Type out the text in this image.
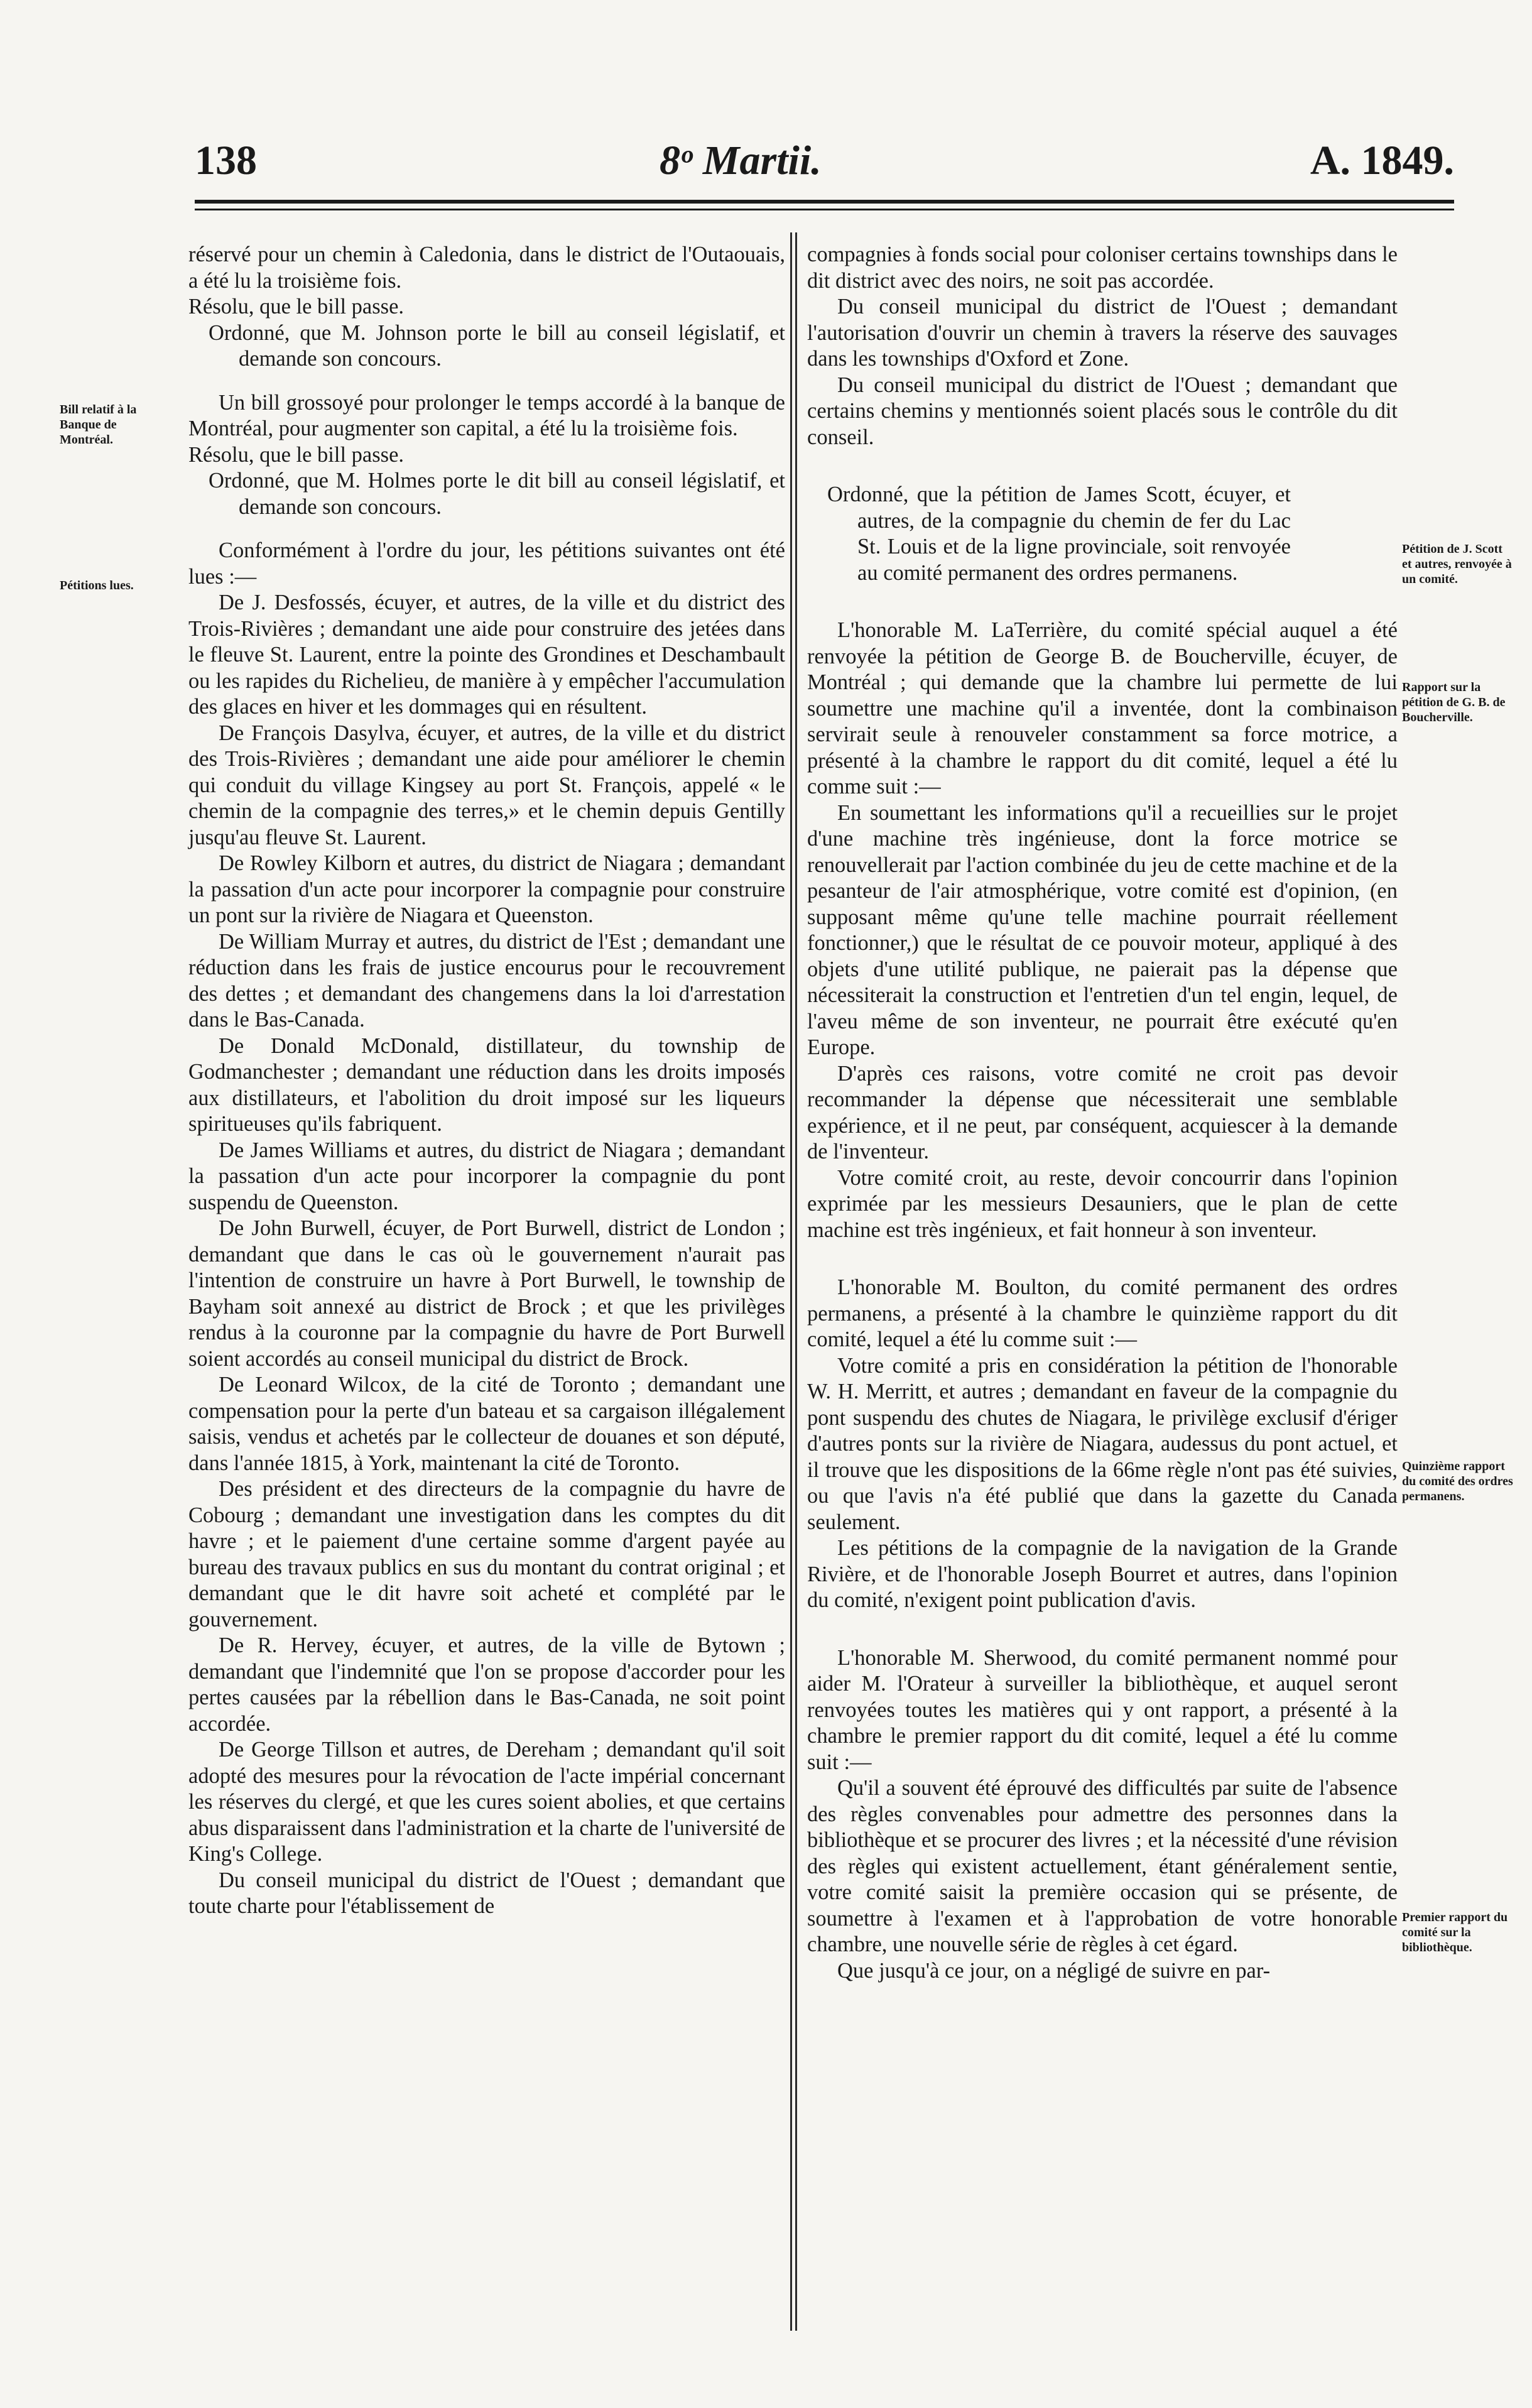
138	8ᵒ Martii.	A. 1849.

réservé pour un chemin à Caledonia, dans le district de l'Outaouais, a été lu la troisième fois.

Résolu, que le bill passe.

Ordonné, que M. Johnson porte le bill au conseil législatif, et demande son concours.

Un bill grossoyé pour prolonger le temps accordé à la banque de Montréal, pour augmenter son capital, a été lu la troisième fois.

Résolu, que le bill passe.

Ordonné, que M. Holmes porte le dit bill au conseil législatif, et demande son concours.

Conformément à l'ordre du jour, les pétitions suivantes ont été lues :—

De J. Desfossés, écuyer, et autres, de la ville et du district des Trois-Rivières ; demandant une aide pour construire des jetées dans le fleuve St. Laurent, entre la pointe des Grondines et Deschambault ou les rapides du Richelieu, de manière à y empêcher l'accumulation des glaces en hiver et les dommages qui en résultent.

De François Dasylva, écuyer, et autres, de la ville et du district des Trois-Rivières ; demandant une aide pour améliorer le chemin qui conduit du village Kingsey au port St. François, appelé « le chemin de la compagnie des terres,» et le chemin depuis Gentilly jusqu'au fleuve St. Laurent.

De Rowley Kilborn et autres, du district de Niagara ; demandant la passation d'un acte pour incorporer la compagnie pour construire un pont sur la rivière de Niagara et Queenston.

De William Murray et autres, du district de l'Est ; demandant une réduction dans les frais de justice encourus pour le recouvrement des dettes ; et demandant des changemens dans la loi d'arrestation dans le Bas-Canada.

De Donald McDonald, distillateur, du township de Godmanchester ; demandant une réduction dans les droits imposés aux distillateurs, et l'abolition du droit imposé sur les liqueurs spiritueuses qu'ils fabriquent.

De James Williams et autres, du district de Niagara ; demandant la passation d'un acte pour incorporer la compagnie du pont suspendu de Queenston.

De John Burwell, écuyer, de Port Burwell, district de London ; demandant que dans le cas où le gouvernement n'aurait pas l'intention de construire un havre à Port Burwell, le township de Bayham soit annexé au district de Brock ; et que les privilèges rendus à la couronne par la compagnie du havre de Port Burwell soient accordés au conseil municipal du district de Brock.

De Leonard Wilcox, de la cité de Toronto ; demandant une compensation pour la perte d'un bateau et sa cargaison illégalement saisis, vendus et achetés par le collecteur de douanes et son député, dans l'année 1815, à York, maintenant la cité de Toronto.

Des président et des directeurs de la compagnie du havre de Cobourg ; demandant une investigation dans les comptes du dit havre ; et le paiement d'une certaine somme d'argent payée au bureau des travaux publics en sus du montant du contrat original ; et demandant que le dit havre soit acheté et complété par le gouvernement.

De R. Hervey, écuyer, et autres, de la ville de Bytown ; demandant que l'indemnité que l'on se propose d'accorder pour les pertes causées par la rébellion dans le Bas-Canada, ne soit point accordée.

De George Tillson et autres, de Dereham ; demandant qu'il soit adopté des mesures pour la révocation de l'acte impérial concernant les réserves du clergé, et que les cures soient abolies, et que certains abus disparaissent dans l'administration et la charte de l'université de King's College.

Du conseil municipal du district de l'Ouest ; demandant que toute charte pour l'établissement de

compagnies à fonds social pour coloniser certains townships dans le dit district avec des noirs, ne soit pas accordée.

Du conseil municipal du district de l'Ouest ; demandant l'autorisation d'ouvrir un chemin à travers la réserve des sauvages dans les townships d'Oxford et Zone.

Du conseil municipal du district de l'Ouest ; demandant que certains chemins y mentionnés soient placés sous le contrôle du dit conseil.

Ordonné, que la pétition de James Scott, écuyer, et autres, de la compagnie du chemin de fer du Lac St. Louis et de la ligne provinciale, soit renvoyée au comité permanent des ordres permanens.

L'honorable M. LaTerrière, du comité spécial auquel a été renvoyée la pétition de George B. de Boucherville, écuyer, de Montréal ; qui demande que la chambre lui permette de lui soumettre une machine qu'il a inventée, dont la combinaison servirait seule à renouveler constamment sa force motrice, a présenté à la chambre le rapport du dit comité, lequel a été lu comme suit :—

En soumettant les informations qu'il a recueillies sur le projet d'une machine très ingénieuse, dont la force motrice se renouvellerait par l'action combinée du jeu de cette machine et de la pesanteur de l'air atmosphérique, votre comité est d'opinion, (en supposant même qu'une telle machine pourrait réellement fonctionner,) que le résultat de ce pouvoir moteur, appliqué à des objets d'une utilité publique, ne paierait pas la dépense que nécessiterait la construction et l'entretien d'un tel engin, lequel, de l'aveu même de son inventeur, ne pourrait être exécuté qu'en Europe.

D'après ces raisons, votre comité ne croit pas devoir recommander la dépense que nécessiterait une semblable expérience, et il ne peut, par conséquent, acquiescer à la demande de l'inventeur.

Votre comité croit, au reste, devoir concourrir dans l'opinion exprimée par les messieurs Desauniers, que le plan de cette machine est très ingénieux, et fait honneur à son inventeur.

L'honorable M. Boulton, du comité permanent des ordres permanens, a présenté à la chambre le quinzième rapport du dit comité, lequel a été lu comme suit :—

Votre comité a pris en considération la pétition de l'honorable W. H. Merritt, et autres ; demandant en faveur de la compagnie du pont suspendu des chutes de Niagara, le privilège exclusif d'ériger d'autres ponts sur la rivière de Niagara, audessus du pont actuel, et il trouve que les dispositions de la 66me règle n'ont pas été suivies, ou que l'avis n'a été publié que dans la gazette du Canada seulement.

Les pétitions de la compagnie de la navigation de la Grande Rivière, et de l'honorable Joseph Bourret et autres, dans l'opinion du comité, n'exigent point publication d'avis.

L'honorable M. Sherwood, du comité permanent nommé pour aider M. l'Orateur à surveiller la bibliothèque, et auquel seront renvoyées toutes les matières qui y ont rapport, a présenté à la chambre le premier rapport du dit comité, lequel a été lu comme suit :—

Qu'il a souvent été éprouvé des difficultés par suite de l'absence des règles convenables pour admettre des personnes dans la bibliothèque et se procurer des livres ; et la nécessité d'une révision des règles qui existent actuellement, étant généralement sentie, votre comité saisit la première occasion qui se présente, de soumettre à l'examen et à l'approbation de votre honorable chambre, une nouvelle série de règles à cet égard.

Que jusqu'à ce jour, on a négligé de suivre en par-

Bill relatif à la Banque de Montréal.
Pétitions lues.
Pétition de J. Scott et autres, renvoyée à un comité.
Rapport sur la pétition de G. B. de Boucherville.
Quinzième rapport du comité des ordres permanens.
Premier rapport du comité sur la bibliothèque.
